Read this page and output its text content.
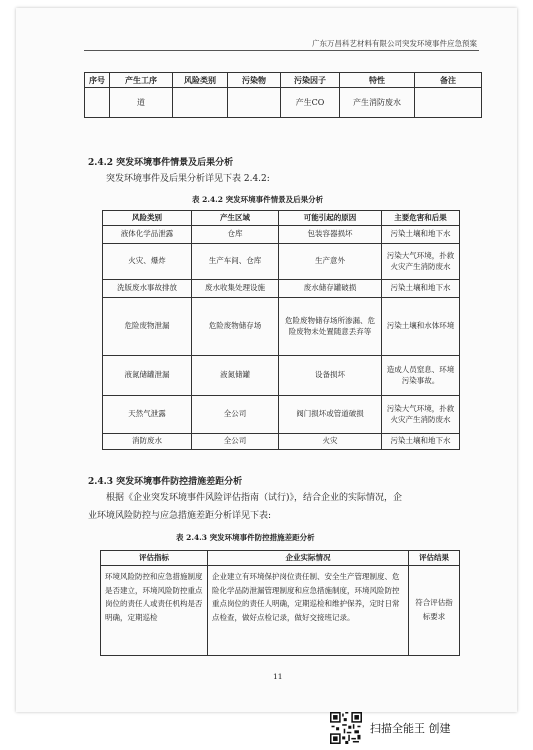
广东万昌科艺材料有限公司突发环境事件应急预案
序号	产生工序	风险类别	污染物	污染因子	特性	备注
	道			产生CO	产生消防废水	
2.4.2 突发环境事件情景及后果分析
突发环境事件及后果分析详见下表 2.4.2:
表 2.4.2 突发环境事件情景及后果分析
风险类别	产生区域	可能引起的原因	主要危害和后果
液体化学品泄露	仓库	包装容器损坏	污染土壤和地下水
火灾、爆炸	生产车间、仓库	生产意外	污染大气环境，扑救火灾产生消防废水
洗版废水事故排放	废水收集处理设施	废水储存罐破损	污染土壤和地下水
危险废物泄漏	危险废物储存场	危险废物储存场所渗漏、危险废物未处置随意丢弃等	污染土壤和水体环境
液氮储罐泄漏	液氮储罐	设备损坏	造成人员窒息、环境污染事故。
天然气泄露	全公司	阀门损坏或管道破损	污染大气环境，扑救火灾产生消防废水
消防废水	全公司	火灾	污染土壤和地下水
2.4.3 突发环境事件防控措施差距分析
根据《企业突发环境事件风险评估指南（试行)》，结合企业的实际情况，企
业环境风险防控与应急措施差距分析详见下表:
表 2.4.3 突发环境事件防控措施差距分析
评估指标	企业实际情况	评估结果
环境风险防控和应急措施制度是否建立，环境风险防控重点岗位的责任人或责任机构是否明确，定期巡检	企业建立有环境保护岗位责任制、安全生产管理制度、危险化学品防泄漏管理制度和应急措施制度，环境风险防控重点岗位的责任人明确，定期巡检和维护保养，定时日常点检查，做好点检记录，做好交接班记录。	符合评估指标要求
11
扫描全能王 创建
